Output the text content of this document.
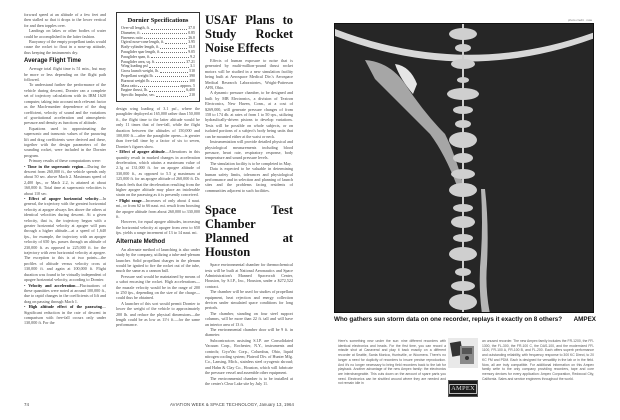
forward speed at an altitude of a few feet and then stalled so that it drops to the lower vertical for and then topples over.

Landings on lakes or other bodies of water could be accomplished in the latter fashion.

Buoyancy of the empty propellant tanks would cause the rocket to float in a nose-up attitude, thus keeping the instruments dry.

Average Flight Time

Average total flight time is 51 min., but may be more or less depending on the flight path followed.

To understand further the performance of the vehicle during descent, Dornier ran a complete set of trajectory calculations with its IBM 1620 computer, taking into account each relevant factor as the Mach-number dependence of the drag coefficient, velocity of sound and the variations of gravitational acceleration and atmospheric pressure and density as functions of altitude.

Equations used in approximating the supersonic and transonic values of the parawing lift and drag coefficients were derived and these, together with the design parameters of the sounding rocket, were included in the Dornier program.

Primary results of these computations were:

• Time in the supersonic region—During the descent from 260,000 ft., the vehicle spends only about 50 sec. above Mach 2. Maximum speed of 2,400 fps., or Mach 2.2, is attained at about 160,000 ft. Total time at supersonic velocities is about 110 sec.

• Effect of apogee horizontal velocity—In general, the trajectory with the greatest horizontal velocity at apogee always lies above the others at identical velocities during descent. At a given velocity, that is, the trajectory begun with a greater horizontal velocity at apogee will pass through a higher altitude—at a speed of 1,640 fps., for example, the trajectory with an apogee velocity of 650 fps. passes through an altitude of 230,000 ft. as opposed to 225,000 ft. for the trajectory with zero horizontal velocity at apogee. The exception to this is at two points—the profiles of altitude versus velocity cross at 130,000 ft. and again at 100,000 ft. Flight duration was found to be virtually independent of apogee horizontal velocity, according to Dornier.

• Velocity and acceleration—Fluctuations of these quantities were noted at around 100,000 ft., due to rapid changes in the coefficients of lift and drag on passing through Mach 1.

• High altitude effect of the parawing—Significant reduction in the rate of descent in comparison with free-fall occurs only under 130,000 ft. For the

Dornier Specifications
Over-all length, ft.	37.0
Diameter, ft.	0.85
Fineness ratio	26.0
Ogival nose-cone length, ft.	3.95
Body-cylinder length, ft.	13.0
Paraglider spar length, ft.	9.05
Paraglider span, ft.	9.2
Paraglider area, sq. ft.	37.21
Wing loading psf	3.1
Gross launch weight, lb.	510
Propellant weight lb.	390
Burnout weight lb.	100
Mass ratio	approx. 5
Engine thrust, lb.	6,400
Specific Impulse, sec.	210

design wing loading of 3.1 psf., where the paraglider deployed at 165,000 rather than 150,000 ft., the flight time to the latter altitude would be only 11 times that of free-fall, while the flight duration between the altitudes of 150,000 and 100,000 ft.—after the paraglider opens—is greater than free-fall time by a factor of six to seven, Dornier's figures show.

• Effect of apogee altitude—Alterations in this quantity result in marked changes in acceleration deceleration, which attains a maximum value of 2.1g at 131,000 ft. for an apogee altitude of 330,000 ft., as opposed to 5.5 g maximum at 125,000 ft. for an apogee altitude of 260,000 ft. Dr. Busch feels that the deceleration resulting from the higher apogee altitude may place an intolerable strain on the parawing as it is presently conceived.

• Flight range—Increases of only about 4 naut. mi., or from 62 to 66 naut. mi. result from boosting the apogee altitude from about 260,000 to 330,000 ft.

However, for equal apogee altitudes, increasing the horizontal velocity at apogee from zero to 650 fps. yields a range increment of 13 to 14 naut. mi.

Alternate Method

An alternate method of launching is also under study by the company, utilizing a tube-and-plenum launcher. Solid propellant charges in the plenum would be ignited to fire the rocket out of the tube, much the same as a cannon ball.

Pressure seal would be maintained by means of a sabot encasing the rocket. High accelerations—the muzzle velocity would be in the range of 200 to 250 fps., depending on the size of the charge—could thus be obtained.

A launcher of this sort would permit Dornier to lower the weight of the vehicle to approximately 200 lb. and reduce the physical dimensions—the length could be as low as 11½ ft.—for the same performance.

USAF Plans to Study Rocket Noise Effects

Effects of human exposure to noise that is generated by multi-million-pound thrust rocket motors will be studied in a new simulation facility being built at Aerospace Medical Div.'s Aerospace Medical Research Laboratories, Wright-Patterson AFB, Ohio.

A dynamic pressure chamber, to be designed and built by MB Electronics, a division of Textron Electronics, New Haven, Conn., at a cost of $269,000, will generate pressure changes of from 158 to 174 db. at rates of from 1 to 50 cps., utilizing hydraulically-driven pistons to develop variations. Tests will be possible on whole subjects, or on isolated portions of a subject's body being units that can be mounted either at the waist or neck.

Instrumentation will provide detailed physical and physiological measurements including blood pressure, heart rate, respiratory response, body temperature and sound pressure levels.

The simulation facility is to be completed in May.

Data is expected to be valuable in determining human safety limits, tolerances and physiological performance and in selection and planning of launch sites and the problems facing residents of communities adjacent to such facilities.

Space Test Chamber Planned at Houston

Space environmental chamber for thermochemical tests will be built at National Aeronautics and Space Administration's Manned Spacecraft Center, Houston, by S.I.P., Inc., Houston, under a $272,522 contract.

The chamber will be used for studies of propellant equipment, heat rejection and energy collection devices under simulated space conditions for long periods.

The chamber, standing on four steel support columns, will be more than 22 ft. tall and will have an interior area of 13 ft.

The environmental chamber door will be 9 ft. in diameter.

Subcontractors assisting S.I.P. are Consolidated Vacuum Corp., Rochester, N.Y., instruments and controls; CryoVac Corp., Columbus, Ohio, liquid nitrogen cooling system; Plateoil Div. of Hunter Mfg. Co., Lansing, Mich., stainless steel cryogenic shroud; and Hahn & Clay Co., Houston, which will fabricate the pressure vessel and assemble other equipment.

The environmental chamber is to be installed at the center's Clear Lake site by July 11.

photo credit · note
Who gathers sun storm data on one recorder, replays it exactly on 8 others? AMPEX
Here's something new under the sun: nine different recorders with identical electronics and heads. For the first time, you can record a missile shot at Canaveral and play it back exactly on a different recorder at Seattle, Santa Monica, Huntsville, or Woomera. There's no longer a need for duplicity of recorders to insure precise reproduction. And it's no longer necessary to bring field recorders back to the lab for playback. Another advantage of the new Ampex family: the electronics are interchangeable. This cuts down on the amount of spare parts you need. Electronics can be shuttled around where they are needed and not remain idle in
AMPEX
an unused recorder. The new Ampex family includes the FR-1200, the FR-1300, the FL-300, the FR-100 C, the DAS-100, and the modernized FR-1100, FR-100 A, FR-100 B, and FL-200. Each offers superb performance and outstanding reliability, with frequency response to 300 KC Direct, to 20 KC FM and PDM. Each is designed for versatility in the lab or in the field. Now, all are truly compatible. For additional information on this Ampex family write to the only company providing recorders, tape and core memory devices for every application: Ampex Corporation, Redwood City, California. Sales and service engineers throughout the world.
74	AVIATION WEEK & SPACE TECHNOLOGY, January 13, 1964
